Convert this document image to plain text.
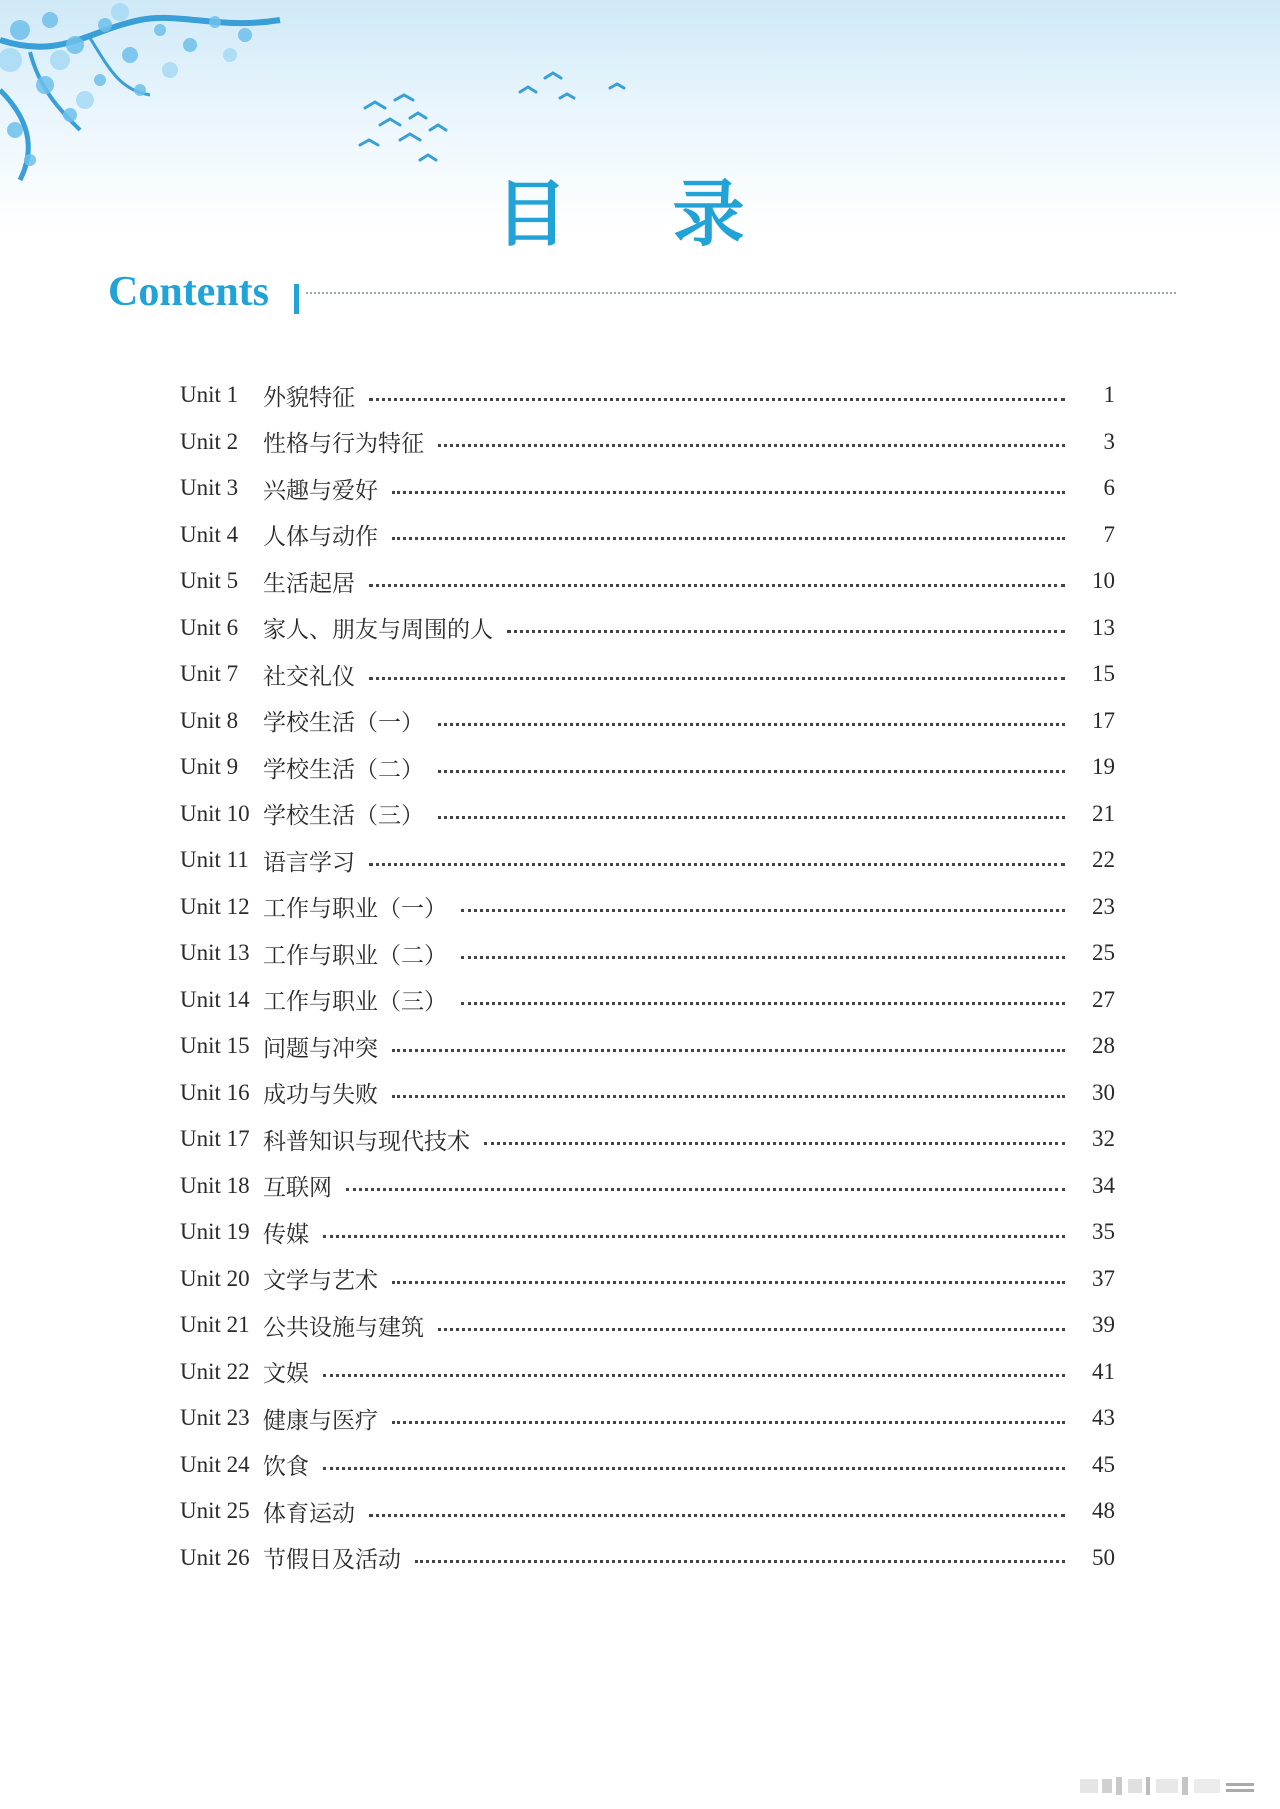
目 录
Contents
Unit 1	外貌特征	1
Unit 2	性格与行为特征	3
Unit 3	兴趣与爱好	6
Unit 4	人体与动作	7
Unit 5	生活起居	10
Unit 6	家人、朋友与周围的人	13
Unit 7	社交礼仪	15
Unit 8	学校生活（一）	17
Unit 9	学校生活（二）	19
Unit 10 学校生活（三）	21
Unit 11 语言学习	22
Unit 12 工作与职业（一）	23
Unit 13 工作与职业（二）	25
Unit 14 工作与职业（三）	27
Unit 15 问题与冲突	28
Unit 16 成功与失败	30
Unit 17 科普知识与现代技术	32
Unit 18 互联网	34
Unit 19 传媒	35
Unit 20 文学与艺术	37
Unit 21 公共设施与建筑	39
Unit 22 文娱	41
Unit 23 健康与医疗	43
Unit 24 饮食	45
Unit 25 体育运动	48
Unit 26 节假日及活动	50
